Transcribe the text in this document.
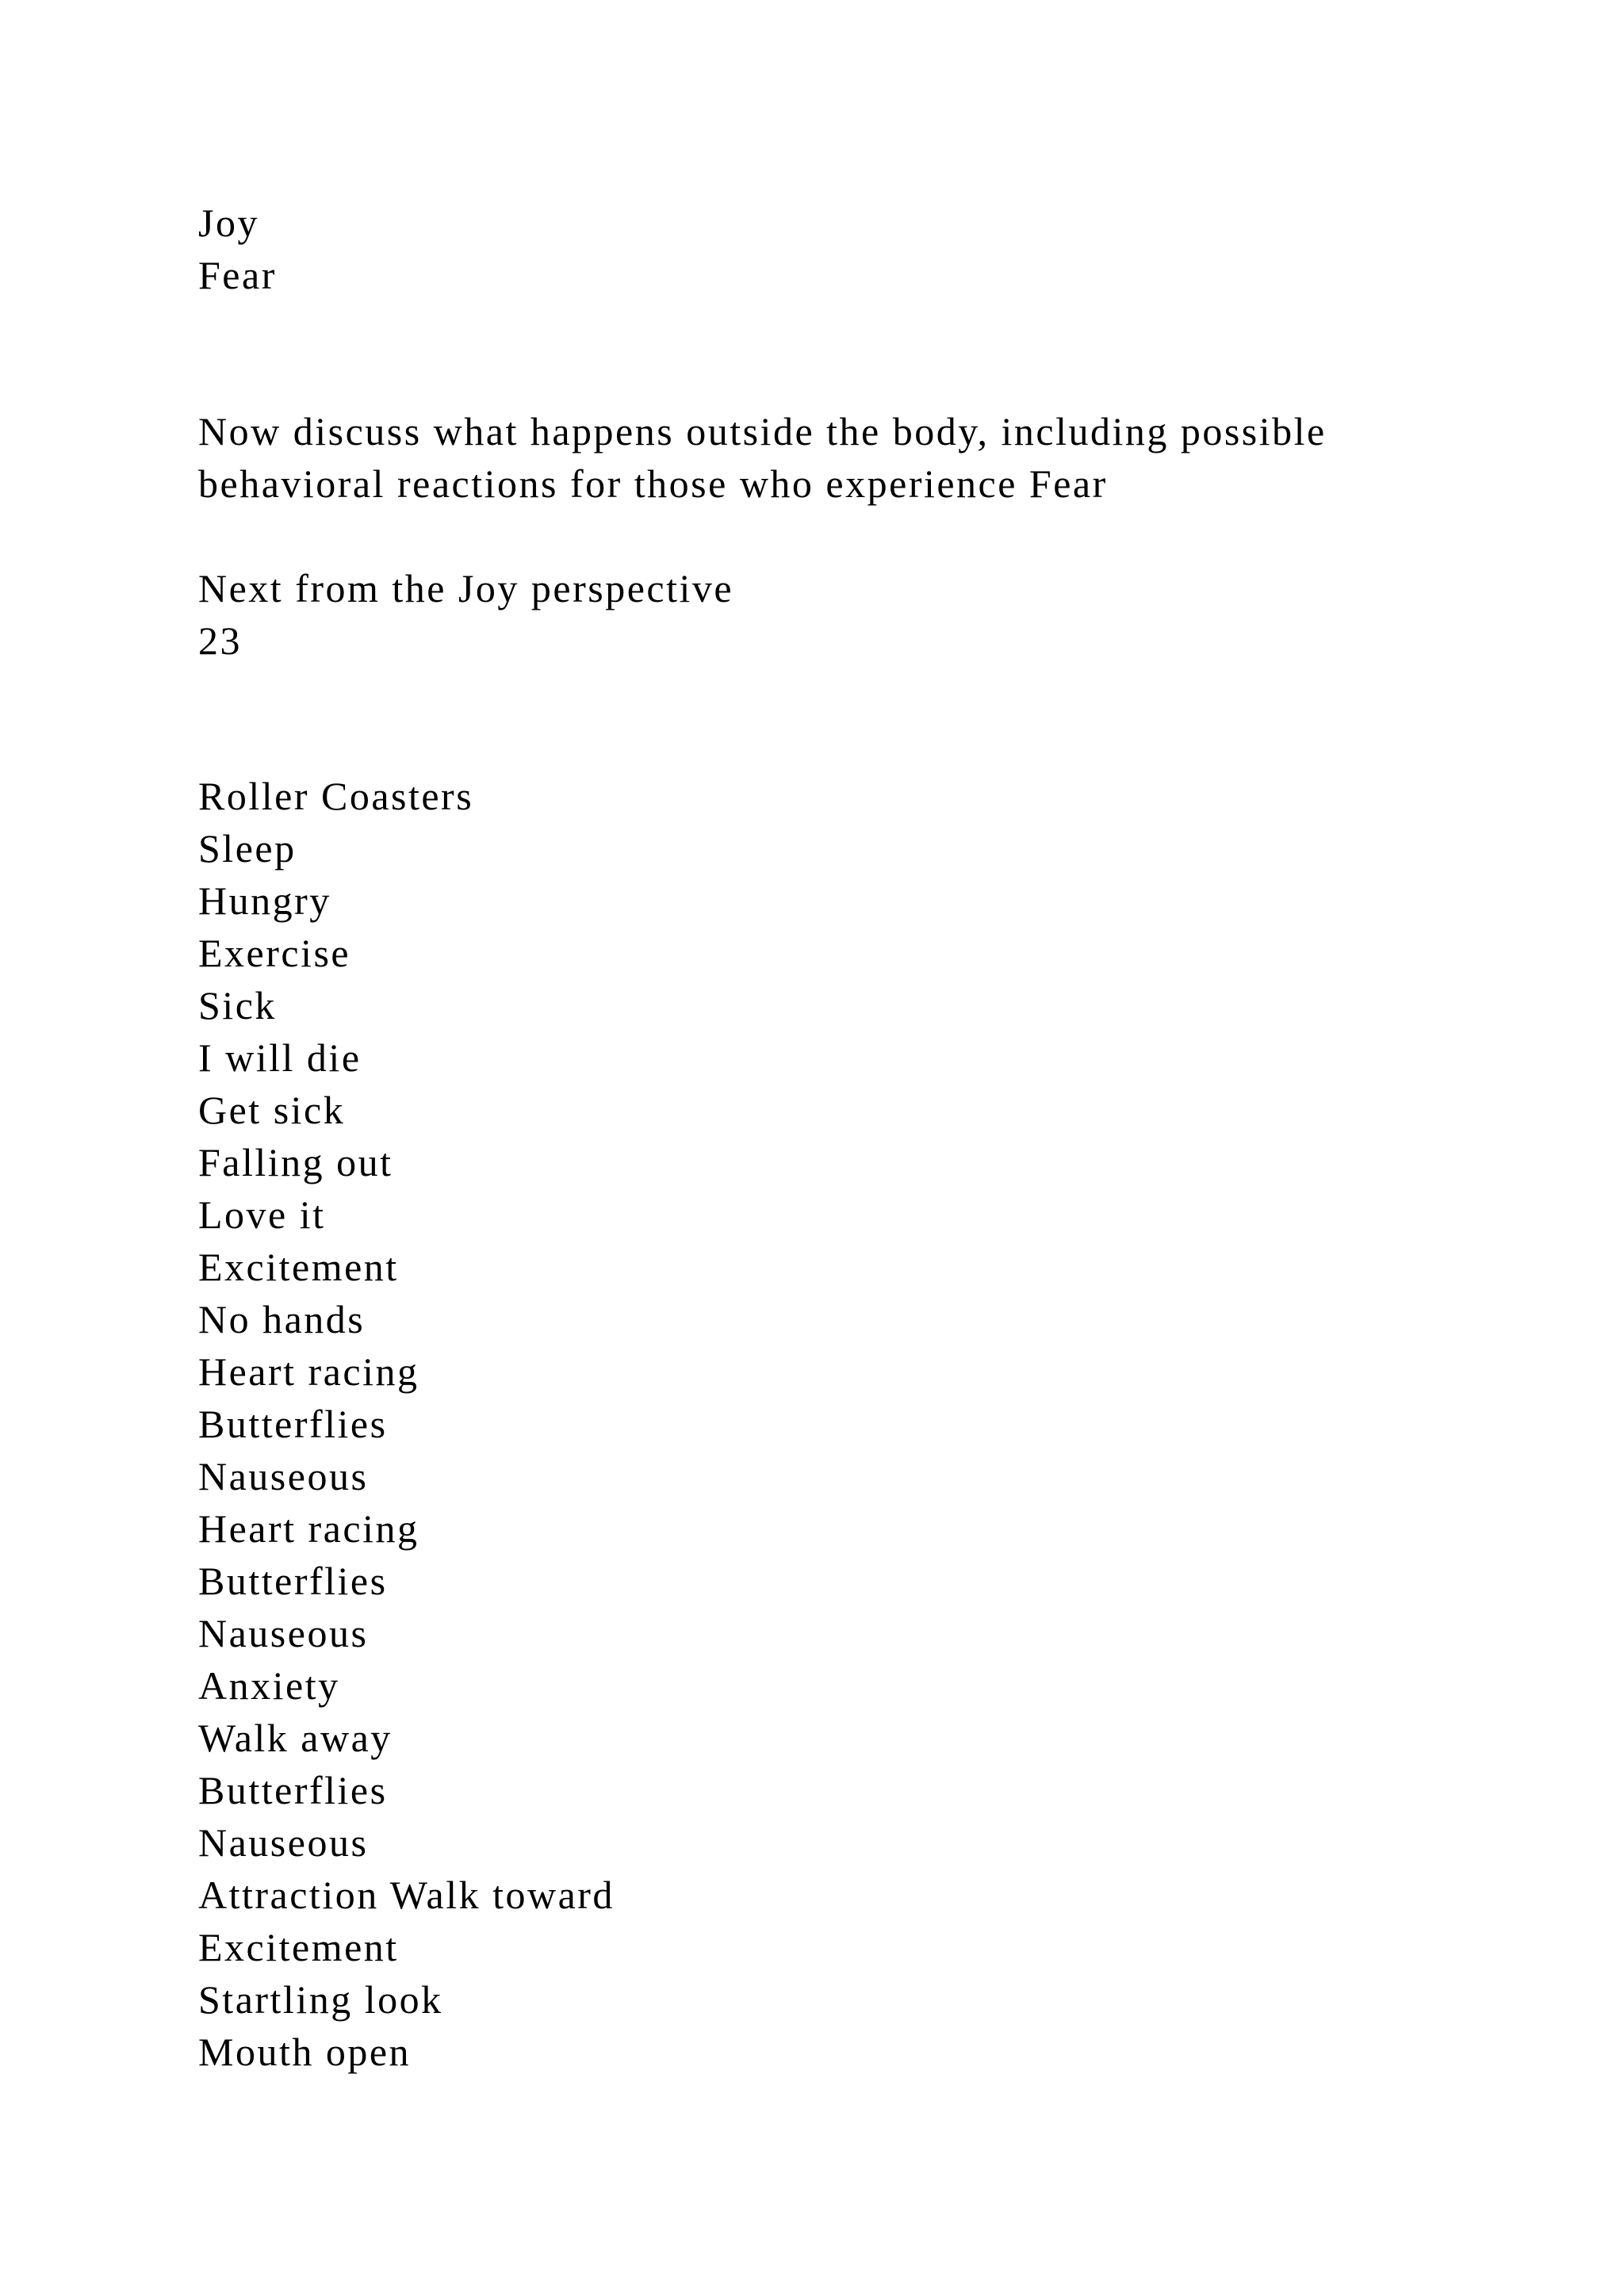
Joy
Fear
Now discuss what happens outside the body, including possible
behavioral reactions for those who experience Fear
Next from the Joy perspective
23
Roller Coasters
Sleep
Hungry
Exercise
Sick
I will die
Get sick
Falling out
Love it
Excitement
No hands
Heart racing
Butterflies
Nauseous
Heart racing
Butterflies
Nauseous
Anxiety
Walk away
Butterflies
Nauseous
Attraction Walk toward
Excitement
Startling look
Mouth open
